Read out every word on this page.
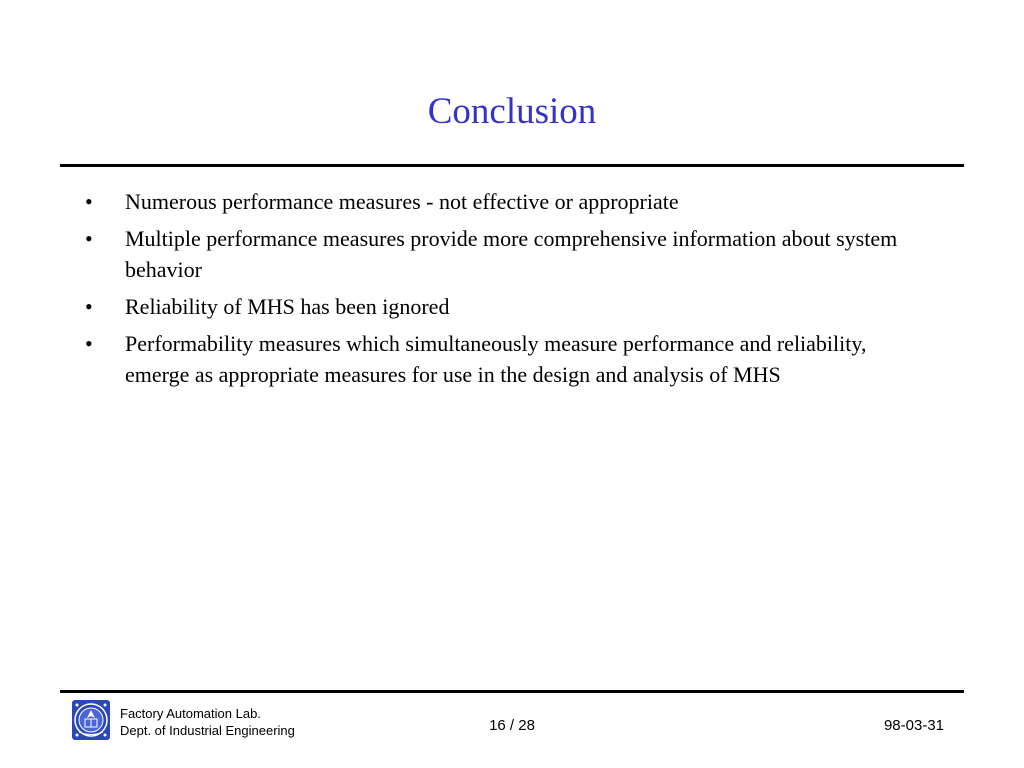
Conclusion
• Numerous performance measures - not effective or appropriate
• Multiple performance measures provide more comprehensive information about system behavior
• Reliability of MHS has been ignored
• Performability measures which simultaneously measure performance and reliability, emerge as appropriate measures for use in the design and analysis of MHS
Factory Automation Lab.
Dept. of Industrial Engineering	16 / 28	98-03-31
